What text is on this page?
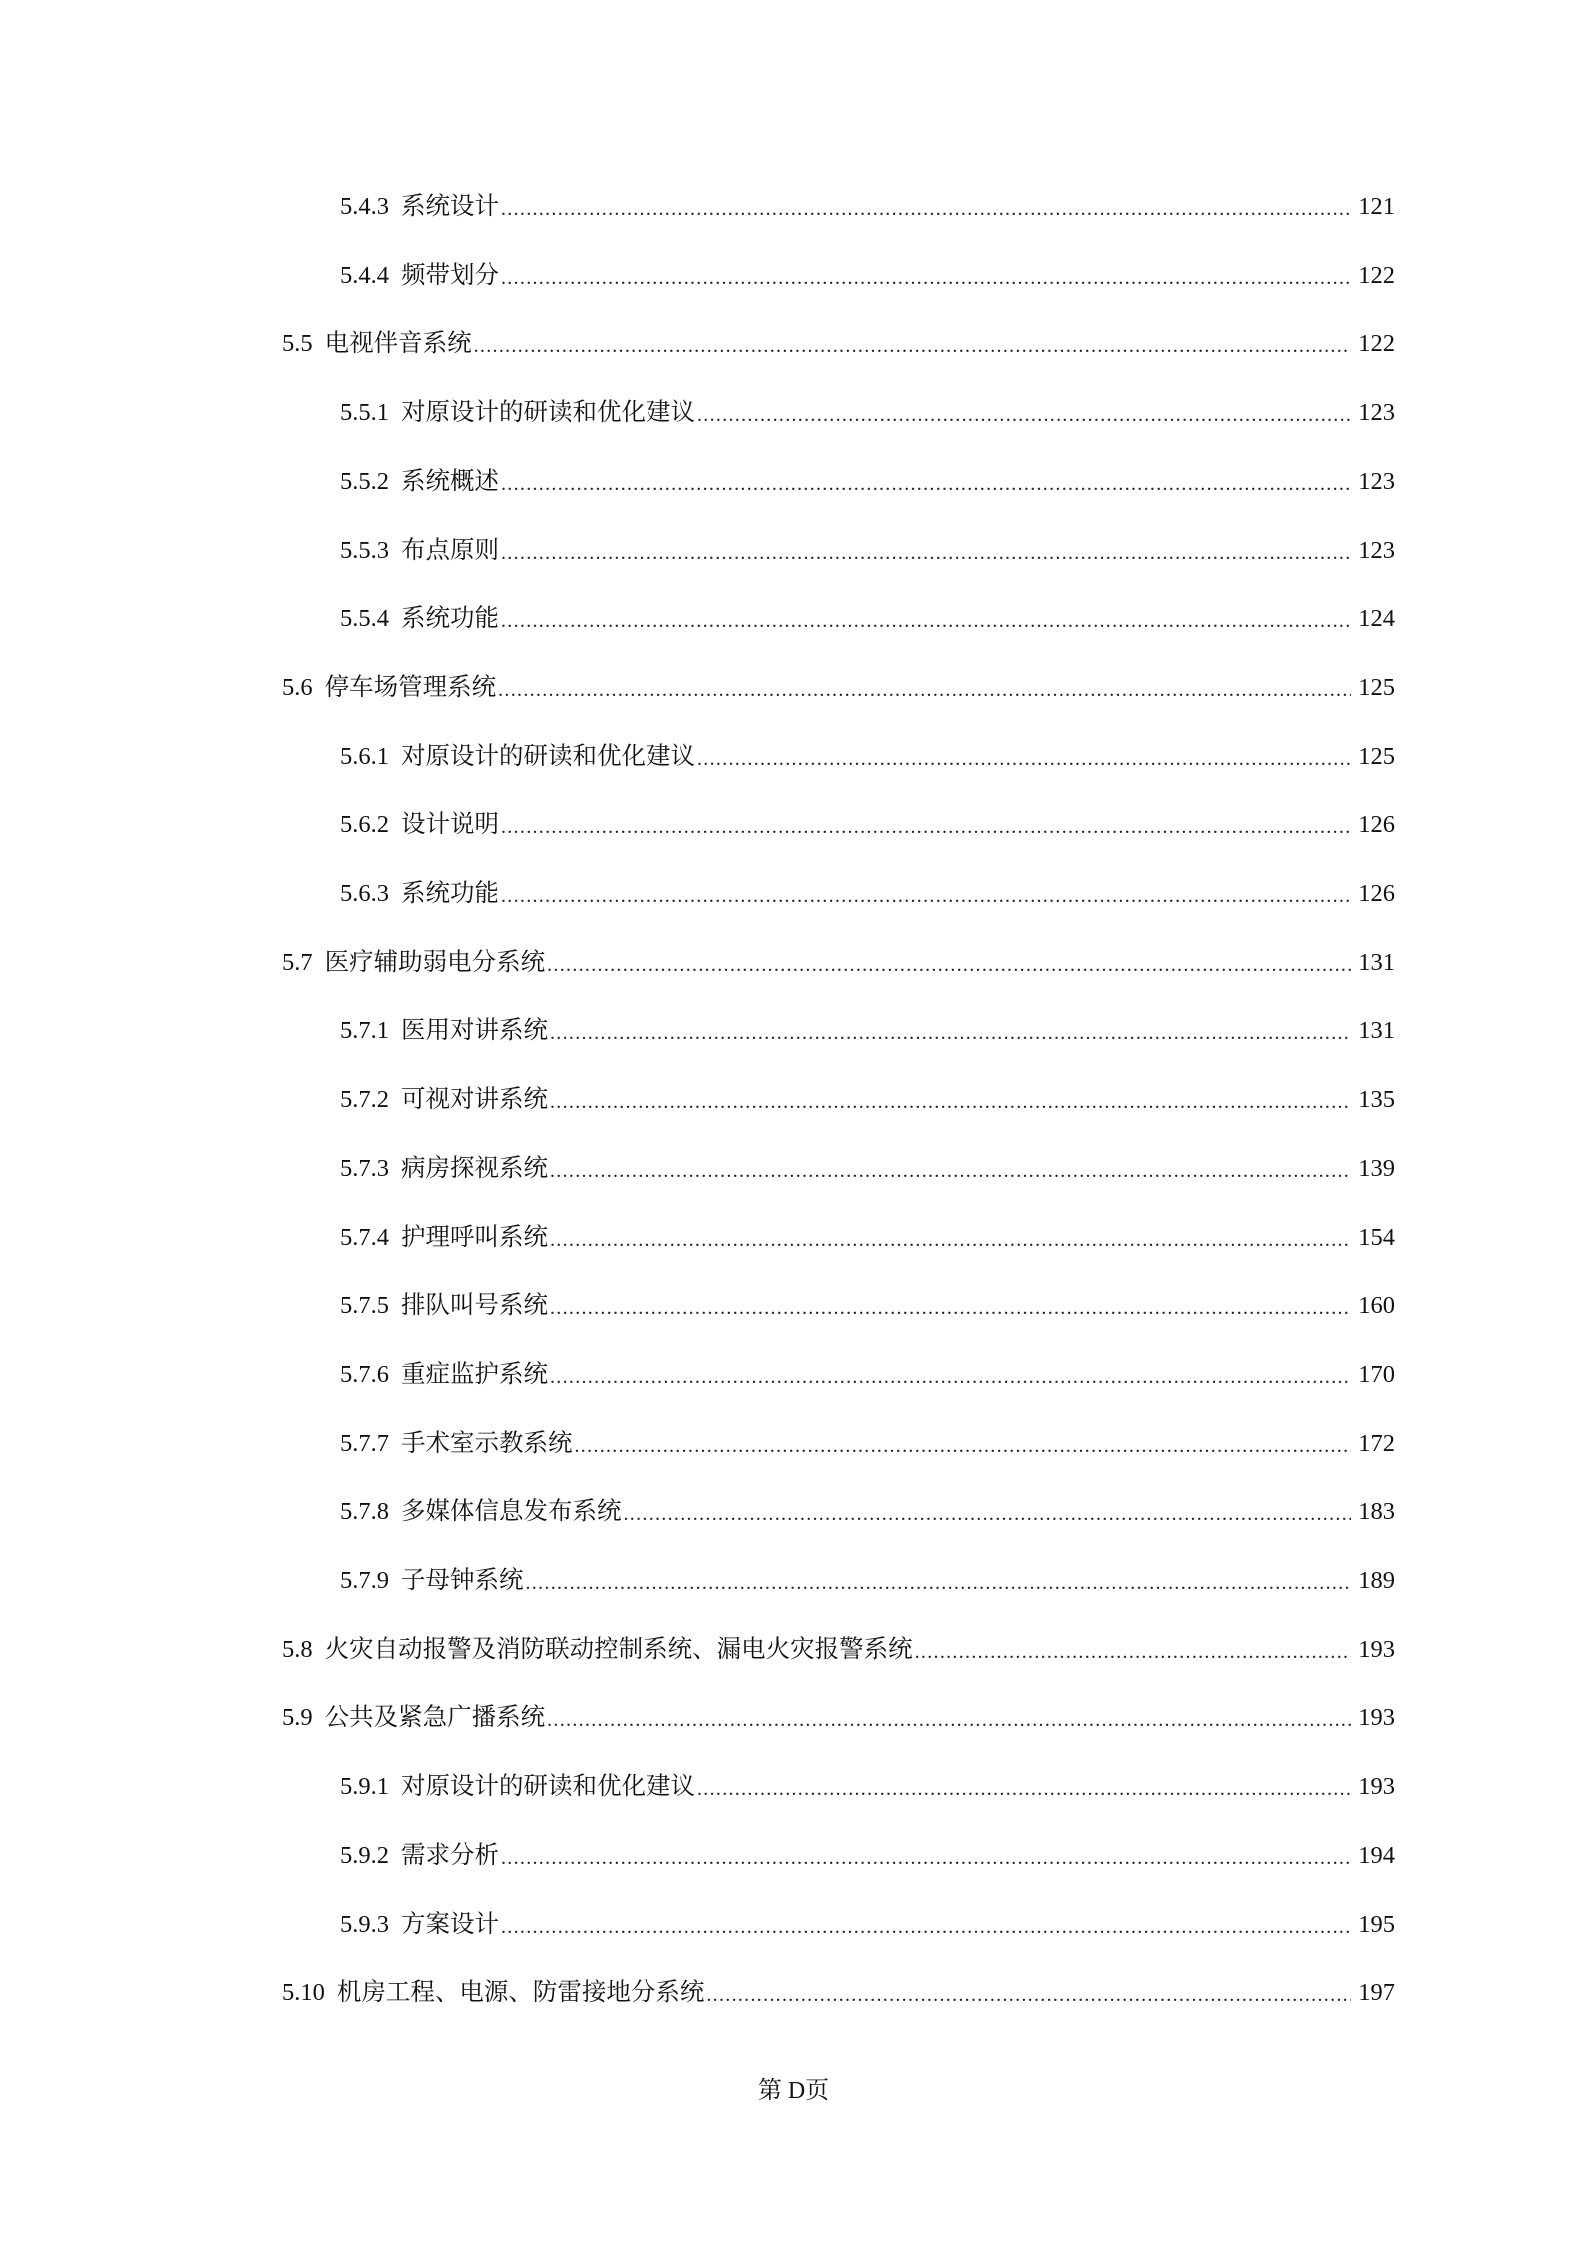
5.4.3 系统设计 .....	121
5.4.4 频带划分 .....	122
5.5 电视伴音系统 .....	122
5.5.1 对原设计的研读和优化建议 .....	123
5.5.2 系统概述 .....	123
5.5.3 布点原则 .....	123
5.5.4 系统功能 .....	124
5.6 停车场管理系统 .....	125
5.6.1 对原设计的研读和优化建议 .....	125
5.6.2 设计说明 .....	126
5.6.3 系统功能 .....	126
5.7 医疗辅助弱电分系统 .....	131
5.7.1 医用对讲系统 .....	131
5.7.2 可视对讲系统 .....	135
5.7.3 病房探视系统 .....	139
5.7.4 护理呼叫系统 .....	154
5.7.5 排队叫号系统 .....	160
5.7.6 重症监护系统 .....	170
5.7.7 手术室示教系统 .....	172
5.7.8 多媒体信息发布系统 .....	183
5.7.9 子母钟系统 .....	189
5.8 火灾自动报警及消防联动控制系统、漏电火灾报警系统 .....	193
5.9 公共及紧急广播系统 .....	193
5.9.1 对原设计的研读和优化建议 .....	193
5.9.2 需求分析 .....	194
5.9.3 方案设计 .....	195
5.10 机房工程、电源、防雷接地分系统 .....	197
第 D页
